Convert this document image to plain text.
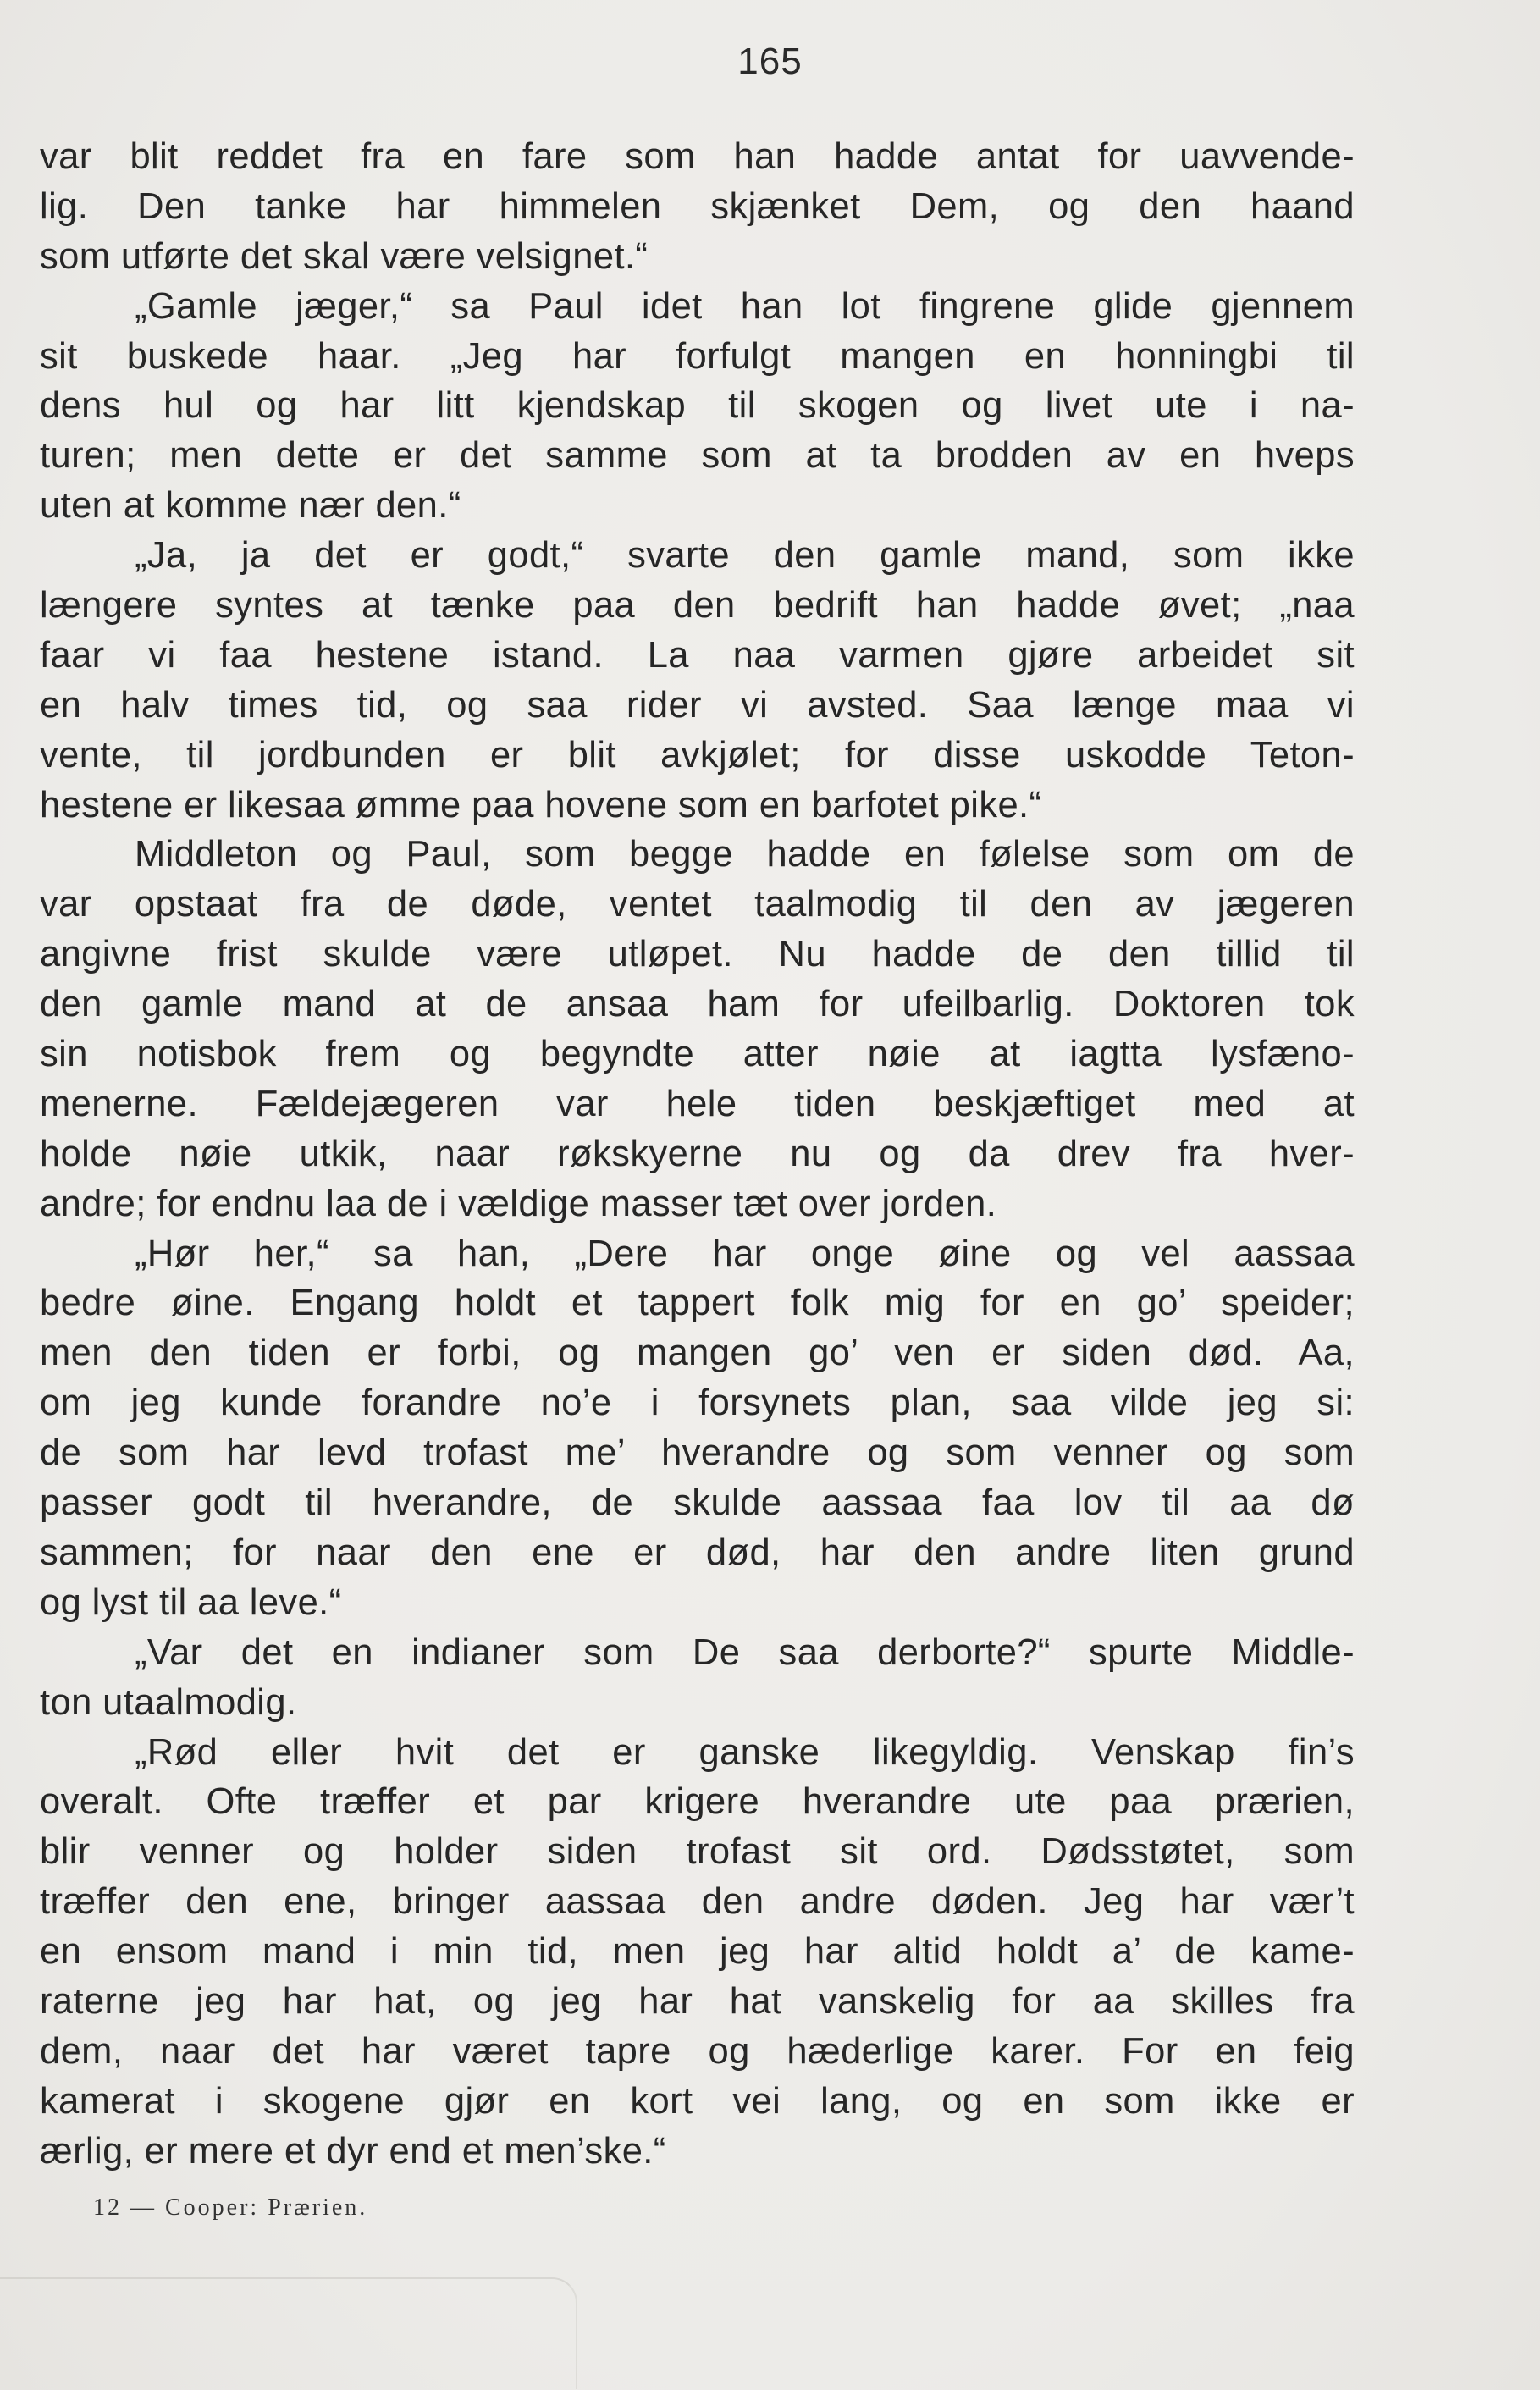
165
var blit reddet fra en fare som han hadde antat for uavvende-
lig. Den tanke har himmelen skjænket Dem, og den haand
som utførte det skal være velsignet.“
„Gamle jæger,“ sa Paul idet han lot fingrene glide gjennem
sit buskede haar. „Jeg har forfulgt mangen en honningbi til
dens hul og har litt kjendskap til skogen og livet ute i na-
turen; men dette er det samme som at ta brodden av en hveps
uten at komme nær den.“
„Ja, ja det er godt,“ svarte den gamle mand, som ikke
længere syntes at tænke paa den bedrift han hadde øvet; „naa
faar vi faa hestene istand. La naa varmen gjøre arbeidet sit
en halv times tid, og saa rider vi avsted. Saa længe maa vi
vente, til jordbunden er blit avkjølet; for disse uskodde Teton-
hestene er likesaa ømme paa hovene som en barfotet pike.“
Middleton og Paul, som begge hadde en følelse som om de
var opstaat fra de døde, ventet taalmodig til den av jægeren
angivne frist skulde være utløpet. Nu hadde de den tillid til
den gamle mand at de ansaa ham for ufeilbarlig. Doktoren tok
sin notisbok frem og begyndte atter nøie at iagtta lysfæno-
menerne. Fældejægeren var hele tiden beskjæftiget med at
holde nøie utkik, naar røkskyerne nu og da drev fra hver-
andre; for endnu laa de i vældige masser tæt over jorden.
„Hør her,“ sa han, „Dere har onge øine og vel aassaa
bedre øine. Engang holdt et tappert folk mig for en go’ speider;
men den tiden er forbi, og mangen go’ ven er siden død. Aa,
om jeg kunde forandre no’e i forsynets plan, saa vilde jeg si:
de som har levd trofast me’ hverandre og som venner og som
passer godt til hverandre, de skulde aassaa faa lov til aa dø
sammen; for naar den ene er død, har den andre liten grund
og lyst til aa leve.“
„Var det en indianer som De saa derborte?“ spurte Middle-
ton utaalmodig.
„Rød eller hvit det er ganske likegyldig. Venskap fin’s
overalt. Ofte træffer et par krigere hverandre ute paa prærien,
blir venner og holder siden trofast sit ord. Dødsstøtet, som
træffer den ene, bringer aassaa den andre døden. Jeg har vær’t
en ensom mand i min tid, men jeg har altid holdt a’ de kame-
raterne jeg har hat, og jeg har hat vanskelig for aa skilles fra
dem, naar det har været tapre og hæderlige karer. For en feig
kamerat i skogene gjør en kort vei lang, og en som ikke er
ærlig, er mere et dyr end et men’ske.“
12 — Cooper: Prærien.
